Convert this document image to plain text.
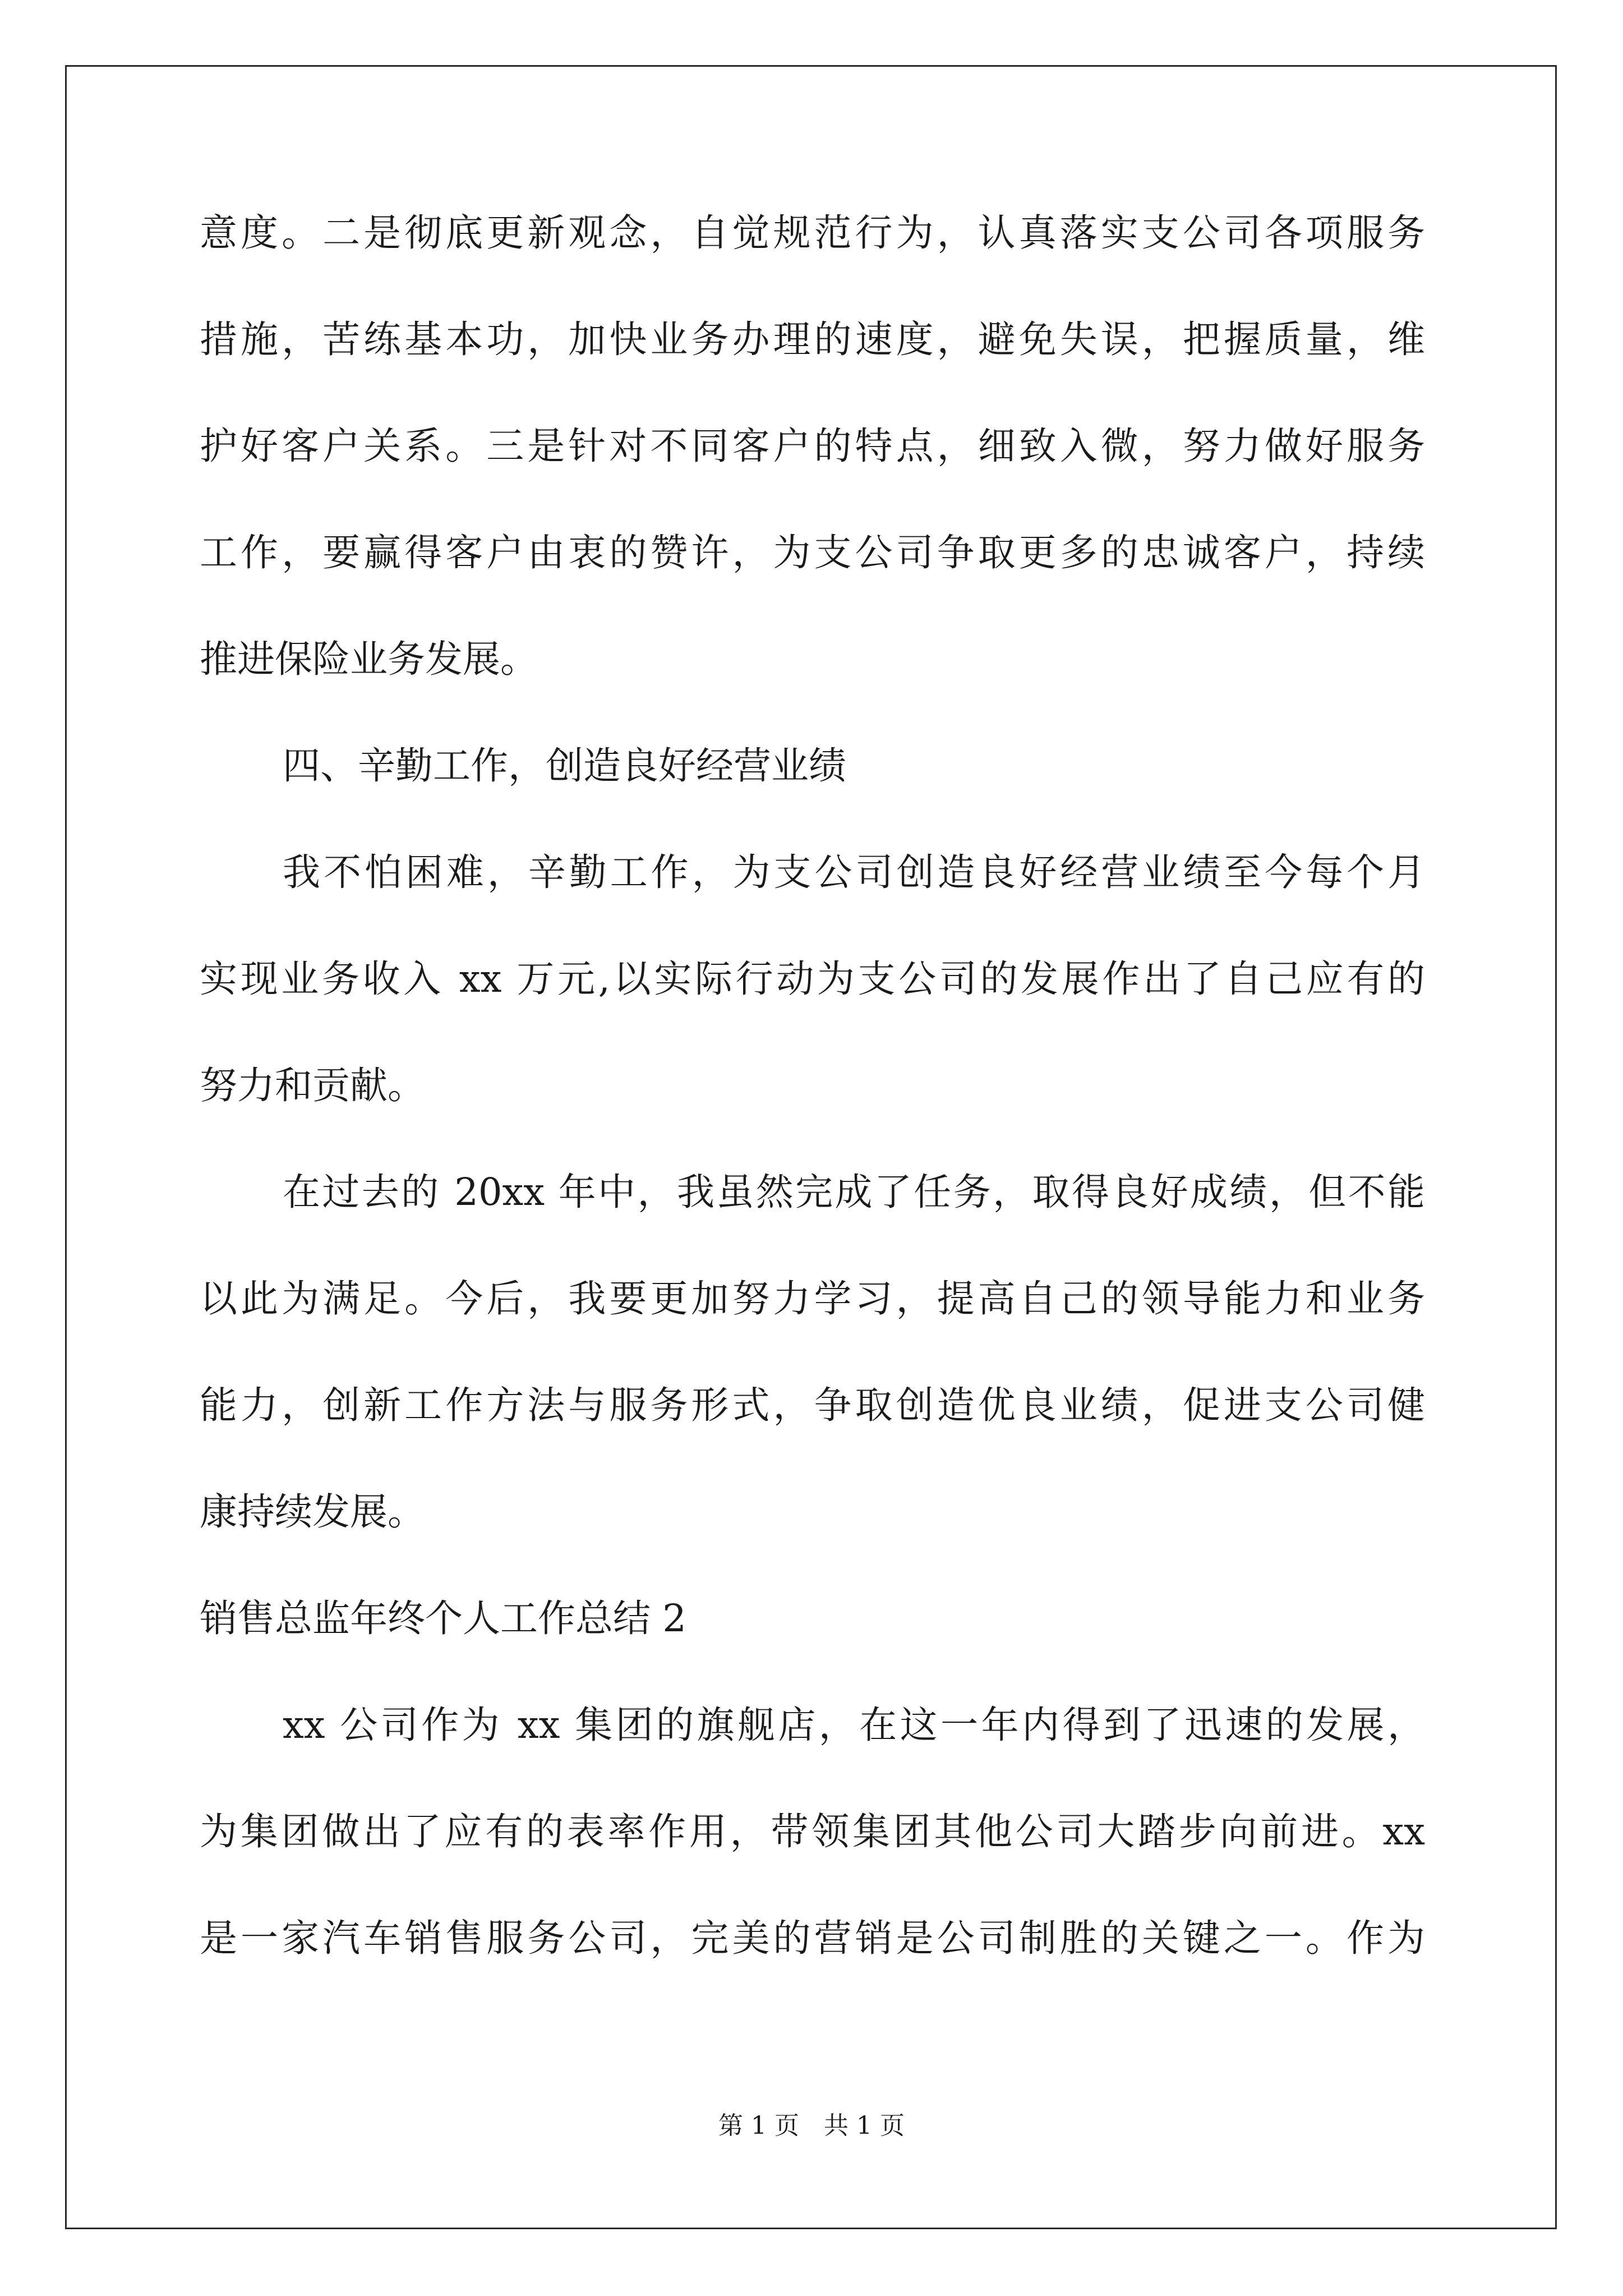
意度。二是彻底更新观念，自觉规范行为，认真落实支公司各项服务
措施，苦练基本功，加快业务办理的速度，避免失误，把握质量，维
护好客户关系。三是针对不同客户的特点，细致入微，努力做好服务
工作，要赢得客户由衷的赞许，为支公司争取更多的忠诚客户，持续
推进保险业务发展。
四、辛勤工作，创造良好经营业绩
我不怕困难，辛勤工作，为支公司创造良好经营业绩至今每个月
实现业务收入 xx 万元,以实际行动为支公司的发展作出了自己应有的
努力和贡献。
在过去的 20xx 年中，我虽然完成了任务，取得良好成绩，但不能
以此为满足。今后，我要更加努力学习，提高自己的领导能力和业务
能力，创新工作方法与服务形式，争取创造优良业绩，促进支公司健
康持续发展。
销售总监年终个人工作总结 2
xx 公司作为 xx 集团的旗舰店，在这一年内得到了迅速的发展，
为集团做出了应有的表率作用，带领集团其他公司大踏步向前进。xx
是一家汽车销售服务公司，完美的营销是公司制胜的关键之一。作为
第 1 页　共 1 页
